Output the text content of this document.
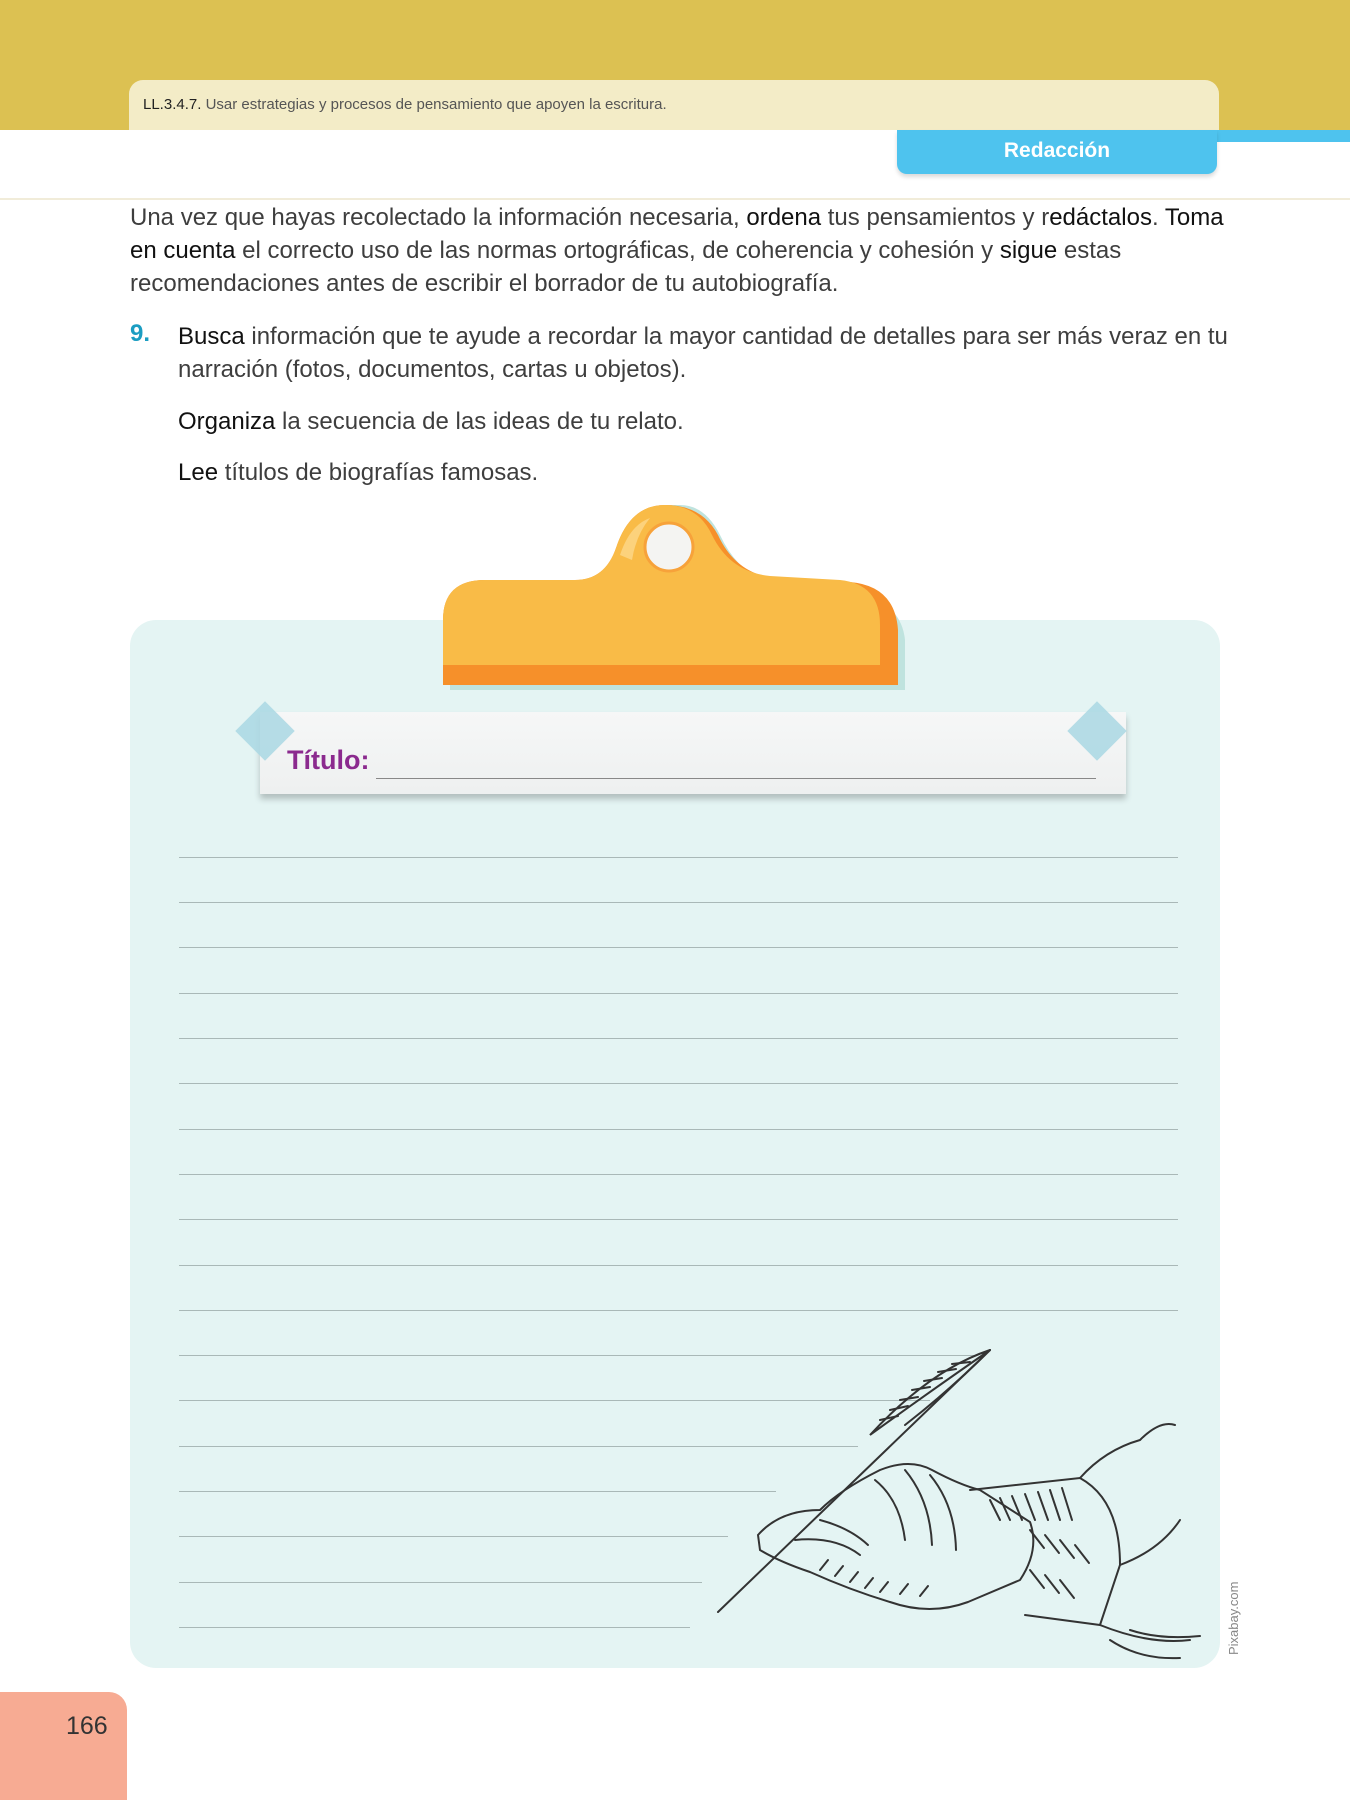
LL.3.4.7. Usar estrategias y procesos de pensamiento que apoyen la escritura.
Redacción
Una vez que hayas recolectado la información necesaria, ordena tus pensamientos y redáctalos. Toma en cuenta el correcto uso de las normas ortográficas, de coherencia y cohesión y sigue estas recomendaciones antes de escribir el borrador de tu autobiografía.
9. Busca información que te ayude a recordar la mayor cantidad de detalles para ser más veraz en tu narración (fotos, documentos, cartas u objetos).
Organiza la secuencia de las ideas de tu relato.
Lee títulos de biografías famosas.
Título:
Pixabay.com
166
